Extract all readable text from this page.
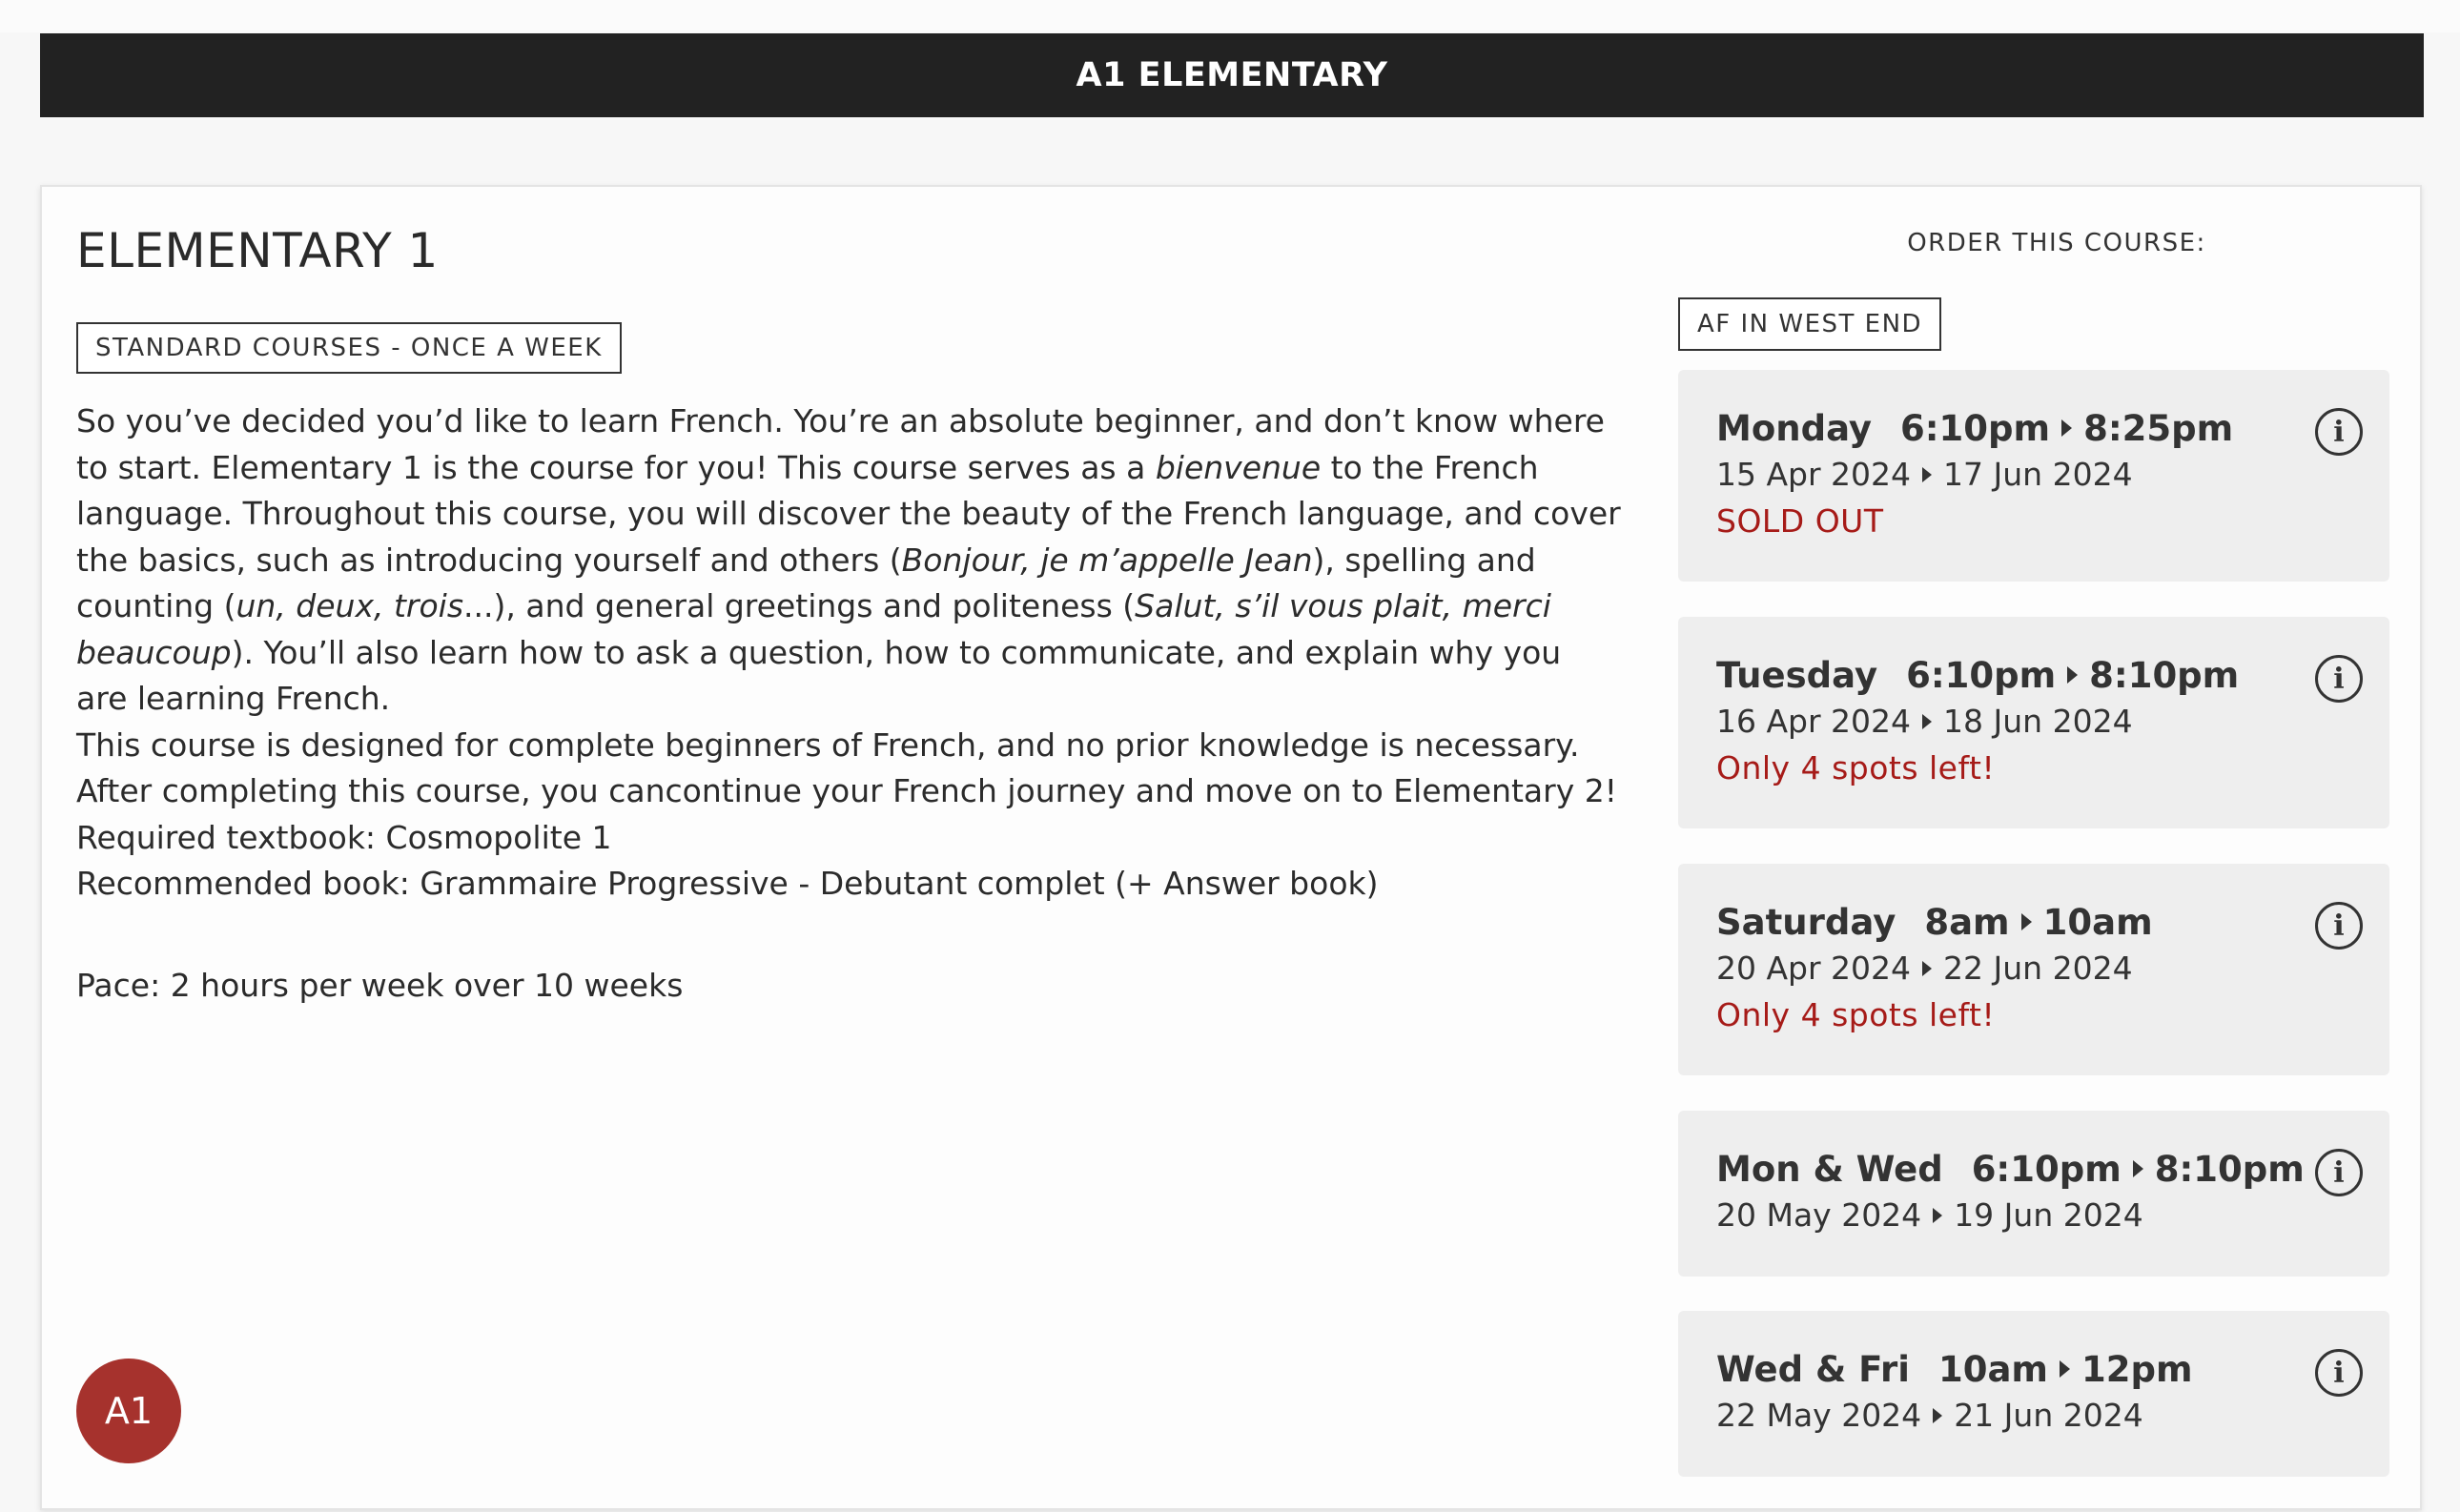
A1 ELEMENTARY
ELEMENTARY 1
STANDARD COURSES - ONCE A WEEK

So you’ve decided you’d like to learn French. You’re an absolute beginner, and don’t know where to start. Elementary 1 is the course for you! This course serves as a bienvenue to the French language. Throughout this course, you will discover the beauty of the French language, and cover the basics, such as introducing yourself and others (Bonjour, je m’appelle Jean), spelling and counting (un, deux, trois...), and general greetings and politeness (Salut, s’il vous plait, merci beaucoup). You’ll also learn how to ask a question, how to communicate, and explain why you are learning French.

This course is designed for complete beginners of French, and no prior knowledge is necessary. After completing this course, you cancontinue your French journey and move on to Elementary 2!

Required textbook: Cosmopolite 1

Recommended book: Grammaire Progressive - Debutant complet (+ Answer book)

Pace: 2 hours per week over 10 weeks

A1
ORDER THIS COURSE:
AF IN WEST END
Monday 6:10pm 8:25pm
15 Apr 2024 17 Jun 2024
SOLD OUT
i
Tuesday 6:10pm 8:10pm
16 Apr 2024 18 Jun 2024
Only 4 spots left!
i
Saturday 8am 10am
20 Apr 2024 22 Jun 2024
Only 4 spots left!
i
Mon & Wed 6:10pm 8:10pm
20 May 2024 19 Jun 2024
i
Wed & Fri 10am 12pm
22 May 2024 21 Jun 2024
i
